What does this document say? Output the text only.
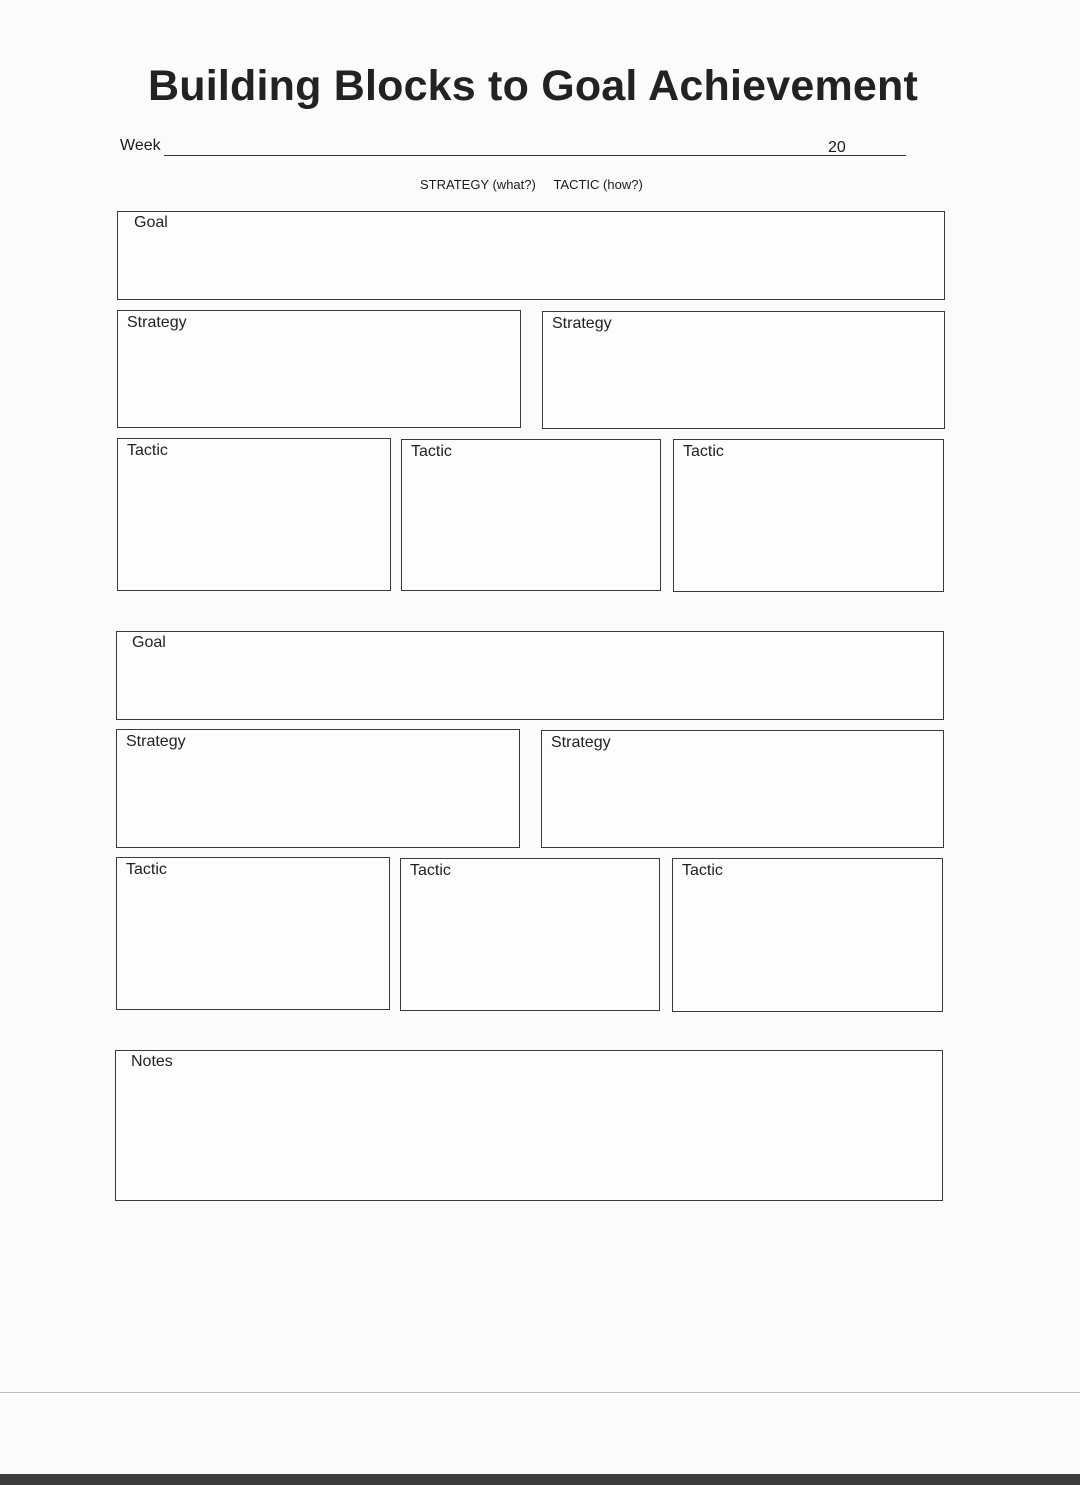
Building Blocks to Goal Achievement
Week	20
STRATEGY (what?) TACTIC (how?)
Goal
Strategy	Strategy
Tactic	Tactic	Tactic
Goal
Strategy	Strategy
Tactic	Tactic	Tactic
Notes
